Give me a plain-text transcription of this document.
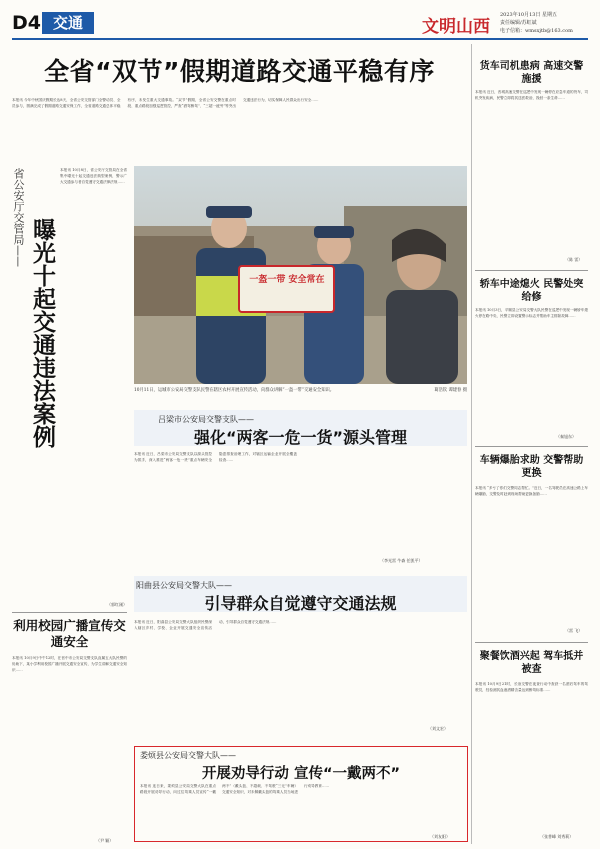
D4 交通	文明山西
2023年10月13日 星期五
责任编辑/苏虹斌
电子信箱：wmsxjtb@163.com
全省“双节”假期道路交通平稳有序
本报讯 今年中秋国庆假期长达8天，全省公安交管部门全警动员、全员参与，圆满完成了假期道路交通安保工作，全省道路交通总体平稳有序，未发生重大交通事故。“双节”假期，全省公安交警在重点时段、重点路段加强巡逻管控，严查“酒驾醉驾”、“三超一疲劳”等突出交通违法行为，切实保障人民群众出行安全……
本报讯 10月8日，省公安厅交管局在全省集中曝光十起交通违法典型案例，警示广大交通参与者自觉遵守交通法律法规……
省公安厅交管局——
曝光十起交通违法案例
（郭红刚）
一盔一带 安全常在
10月11日，运城市公安局交警支队民警在辖区农村开展宣传活动，向群众讲解“一盔一带”交通安全知识。	葛浩钦 谭建春 摄
吕梁市公安局交警支队——
强化“两客一危一货”源头管理
本报讯 近日，吕梁市公安局交警支队以源头管控为抓手，深入推进“两客一危一货”重点车辆安全隐患排查治理工作，对辖区运输企业开展全覆盖检查……
（李光雷 牛森 任凯平）
阳曲县公安局交警大队——
引导群众自觉遵守交通法规
本报讯 近日，阳曲县公安局交警大队组织民警深入辖区乡村、学校、企业开展交通安全宣传活动，引导群众自觉遵守交通法规……
（刘文宏）
利用校园广播宣传交通安全
本报讯 10月9日中午12时，在晋中市公安局交警支队直属五大队民警的协助下，某小学利用校园广播开展交通安全宣传，为学生讲解交通安全知识……
（尹 颖）
娄烦县公安局交警大队——
开展劝导行动 宣传“一戴两不”
本报讯 连日来，娄烦县公安局交警大队在重点路段开展劝导行动，向过往驾乘人员宣传“一戴两不”（戴头盔、不超载、不驾驶“三无”车辆）交通安全知识，对未佩戴头盔的驾乘人员当场进行劝导教育……
（刘友阳）
货车司机患病 高速交警施援
本报讯 近日，晋城高速交警在巡逻中发现一辆停在应急车道的货车，司机突发疾病，民警立即将其送医救治，挽回一条生命……
（陈 雷）
轿车中途熄火 民警处突给修
本报讯 10月3日，平顺县公安局交警大队民警在巡逻中发现一辆轿车熄火停在路中央，民警立即设置警示标志并帮助车主排除故障……
（秦旭东）
车辆爆胎求助 交警帮助更换
本报讯 “多亏了你们交警同志帮忙。”近日，一名驾驶员在高速公路上车辆爆胎，交警及时赶到现场帮助更换备胎……
（雷 飞）
聚餐饮酒兴起 驾车抵并被查
本报讯 10月9日21时，长治交警在夜查行动中查获一名酒后驾车的驾驶员，经检测其血液酒精含量达到醉驾标准……
（张普峰 刘秀莉）
